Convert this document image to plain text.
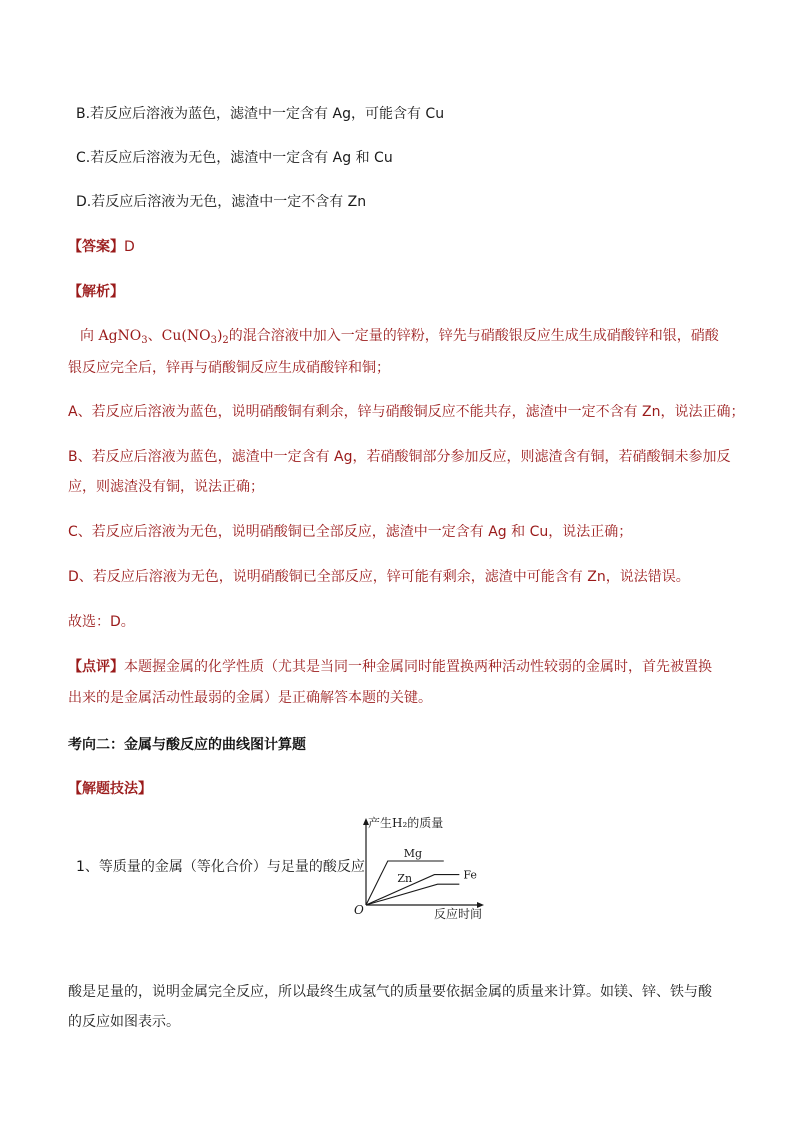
B.若反应后溶液为蓝色，滤渣中一定含有 Ag，可能含有 Cu
C.若反应后溶液为无色，滤渣中一定含有 Ag 和 Cu
D.若反应后溶液为无色，滤渣中一定不含有 Zn
【答案】D
【解析】
向 AgNO$_3$、$Cu(NO_3)_2$的混合溶液中加入一定量的锌粉，锌先与硝酸银反应生成生成硝酸锌和银，硝酸
银反应完全后，锌再与硝酸铜反应生成硝酸锌和铜；
A、若反应后溶液为蓝色，说明硝酸铜有剩余，锌与硝酸铜反应不能共存，滤渣中一定不含有 Zn，说法正确；
B、若反应后溶液为蓝色，滤渣中一定含有 Ag，若硝酸铜部分参加反应，则滤渣含有铜，若硝酸铜未参加反
应，则滤渣没有铜，说法正确；
C、若反应后溶液为无色，说明硝酸铜已全部反应，滤渣中一定含有 Ag 和 Cu，说法正确；
D、若反应后溶液为无色，说明硝酸铜已全部反应，锌可能有剩余，滤渣中可能含有 Zn，说法错误。
故选：D。
【点评】本题握金属的化学性质（尤其是当同一种金属同时能置换两种活动性较弱的金属时，首先被置换
出来的是金属活动性最弱的金属）是正确解答本题的关键。
考向二：金属与酸反应的曲线图计算题
【解题技法】
1、等质量的金属（等化合价）与足量的酸反应
产生H₂的质量
反应时间
O
Mg
Fe
Zn
酸是足量的，说明金属完全反应，所以最终生成氢气的质量要依据金属的质量来计算。如镁、锌、铁与酸
的反应如图表示。
